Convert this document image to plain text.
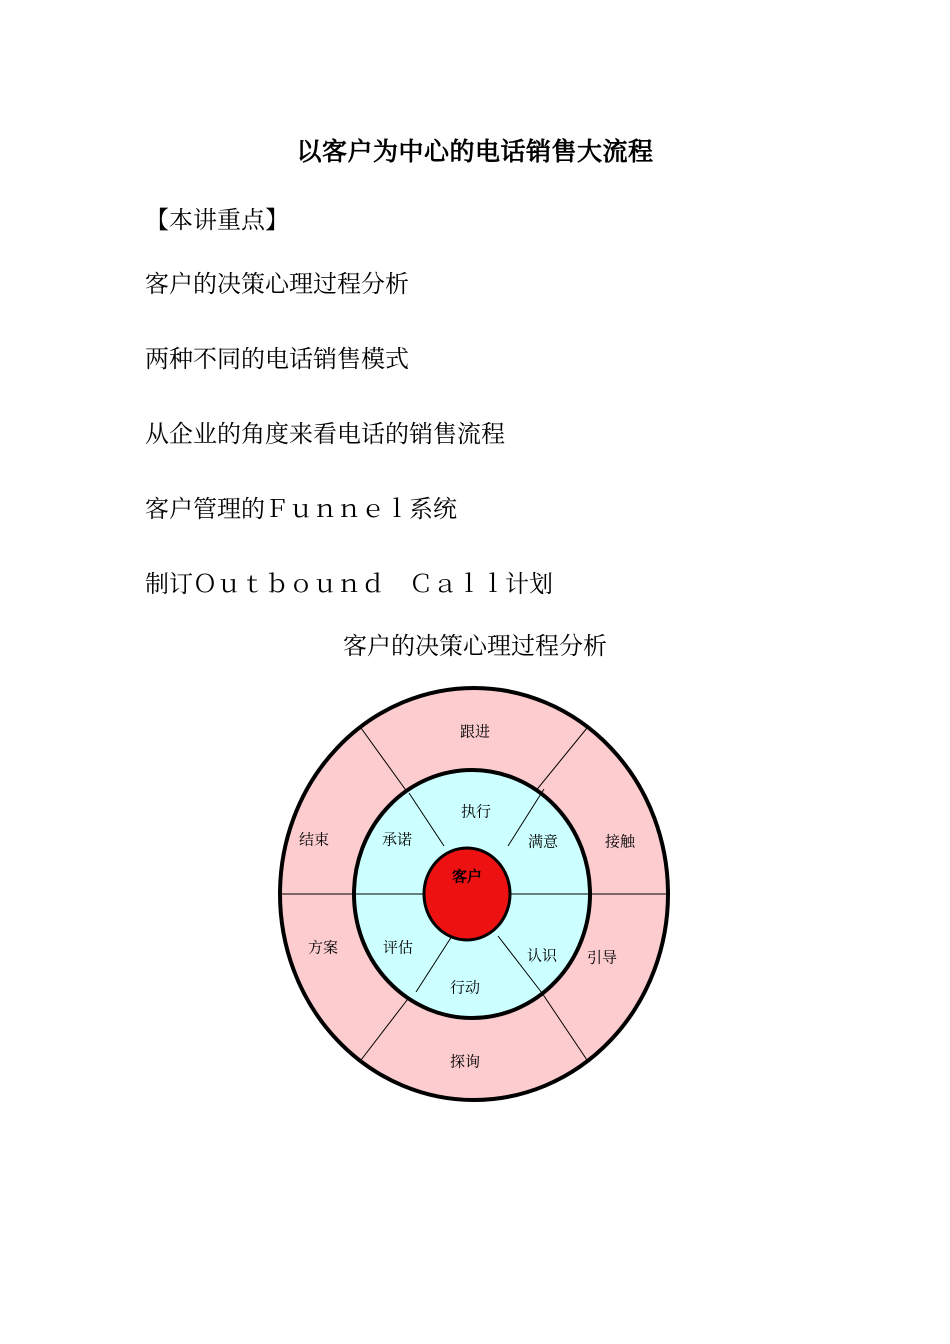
以客户为中心的电话销售大流程
【本讲重点】
客户的决策心理过程分析
两种不同的电话销售模式
从企业的角度来看电话的销售流程
客户管理的Ｆｕｎｎｅｌ系统
制订Ｏｕｔｂｏｕｎｄ　Ｃａｌｌ计划
客户的决策心理过程分析
跟进
接触
引导
探询
方案
结束
执行
满意
认识
行动
评估
承诺
客户
